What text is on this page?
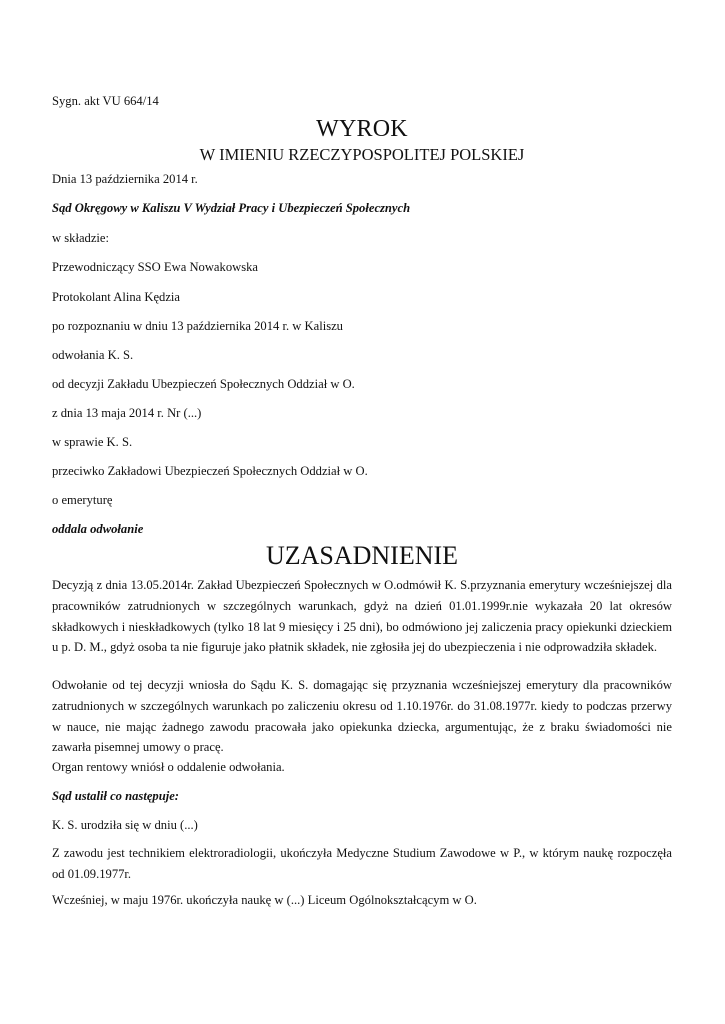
Sygn. akt VU 664/14

WYROK

W IMIENIU RZECZYPOSPOLITEJ POLSKIEJ

Dnia 13 października 2014 r.

Sąd Okręgowy w Kaliszu V Wydział Pracy i Ubezpieczeń Społecznych

w składzie:

Przewodniczący SSO Ewa Nowakowska

Protokolant Alina Kędzia

po rozpoznaniu w dniu 13 października 2014 r. w Kaliszu

odwołania K. S.

od decyzji Zakładu Ubezpieczeń Społecznych Oddział w O.

z dnia 13 maja 2014 r. Nr (...)

w sprawie K. S.

przeciwko Zakładowi Ubezpieczeń Społecznych Oddział w O.

o emeryturę

oddala odwołanie

UZASADNIENIE

Decyzją z dnia 13.05.2014r. Zakład Ubezpieczeń Społecznych w O.odmówił K. S.przyznania emerytury wcześniejszej dla pracowników zatrudnionych w szczególnych warunkach, gdyż na dzień 01.01.1999r.nie wykazała 20 lat okresów składkowych i nieskładkowych (tylko 18 lat 9 miesięcy i 25 dni), bo odmówiono jej zaliczenia pracy opiekunki dzieckiem u p. D. M., gdyż osoba ta nie figuruje jako płatnik składek, nie zgłosiła jej do ubezpieczenia i nie odprowadziła składek.

Odwołanie od tej decyzji wniosła do Sądu K. S. domagając się przyznania wcześniejszej emerytury dla pracowników zatrudnionych w szczególnych warunkach po zaliczeniu okresu od 1.10.1976r. do 31.08.1977r. kiedy to podczas przerwy w nauce, nie mając żadnego zawodu pracowała jako opiekunka dziecka, argumentując, że z braku świadomości nie zawarła pisemnej umowy o pracę.

Organ rentowy wniósł o oddalenie odwołania.

Sąd ustalił co następuje:

K. S. urodziła się w dniu (...)

Z zawodu jest technikiem elektroradiologii, ukończyła Medyczne Studium Zawodowe w P., w którym naukę rozpoczęła od 01.09.1977r.

Wcześniej, w maju 1976r. ukończyła naukę w (...) Liceum Ogólnokształcącym w O.
